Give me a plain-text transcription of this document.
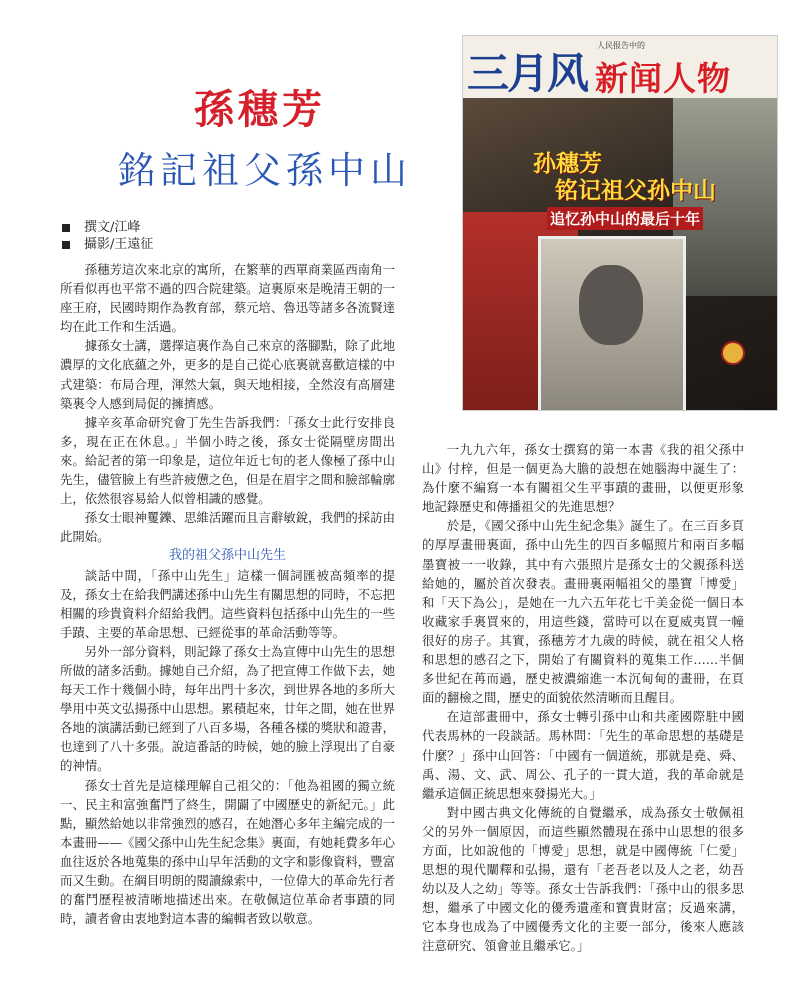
孫穗芳
銘記祖父孫中山
撰文/江峰
攝影/王遠征
三月风
人民报告中的
新闻人物
孙穗芳
铭记祖父孙中山
追忆孙中山的最后十年

孫穗芳這次來北京的寓所，在繁華的西單商業區西南角一所看似再也平常不過的四合院建築。這裏原來是晚清王朝的一座王府，民國時期作為教育部，蔡元培、魯迅等諸多各流賢達均在此工作和生活過。

據孫女士講，選擇這裏作為自己來京的落腳點，除了此地濃厚的文化底蘊之外，更多的是自己從心底裏就喜歡這樣的中式建築：布局合理，渾然大氣，與天地相接，全然沒有高層建築裏令人感到局促的擁擠感。

據辛亥革命研究會丁先生告訴我們：「孫女士此行安排良多，現在正在休息。」半個小時之後，孫女士從隔壁房間出來。給記者的第一印象是，這位年近七旬的老人像極了孫中山先生，儘管臉上有些許疲憊之色，但是在眉宇之間和臉部輪廓上，依然很容易給人似曾相識的感覺。

孫女士眼神矍鑠、思維活躍而且言辭敏銳，我們的採訪由此開始。

我的祖父孫中山先生

談話中間，「孫中山先生」這樣一個詞匯被高頻率的提及，孫女士在給我們講述孫中山先生有關思想的同時，不忘把相關的珍貴資料介紹給我們。這些資料包括孫中山先生的一些手蹟、主要的革命思想、已經從事的革命活動等等。

另外一部分資料，則記錄了孫女士為宣傳中山先生的思想所做的諸多活動。據她自己介紹，為了把宣傳工作做下去，她每天工作十幾個小時，每年出門十多次，到世界各地的多所大學用中英文弘揚孫中山思想。累積起來，廿年之間，她在世界各地的演講活動已經到了八百多場，各種各樣的獎狀和證書，也達到了八十多張。說這番話的時候，她的臉上浮現出了自豪的神情。

孫女士首先是這樣理解自己祖父的：「他為祖國的獨立統一、民主和富強奮鬥了終生，開闢了中國歷史的新紀元。」此點，顯然給她以非常強烈的感召，在她潛心多年主編完成的一本畫冊——《國父孫中山先生紀念集》裏面，有她耗費多年心血往返於各地蒐集的孫中山早年活動的文字和影像資料，豐富而又生動。在綱目明朗的閱讀線索中，一位偉大的革命先行者的奮鬥歷程被清晰地描述出來。在敬佩這位革命者事蹟的同時，讀者會由衷地對這本書的編輯者致以敬意。

一九九六年，孫女士撰寫的第一本書《我的祖父孫中山》付梓，但是一個更為大膽的設想在她腦海中誕生了：為什麼不編寫一本有關祖父生平事蹟的畫冊，以便更形象地記錄歷史和傳播祖父的先進思想？

於是，《國父孫中山先生紀念集》誕生了。在三百多頁的厚厚畫冊裏面，孫中山先生的四百多幅照片和兩百多幅墨寶被一一收錄，其中有六張照片是孫女士的父親孫科送給她的，屬於首次發表。畫冊裏兩幅祖父的墨寶「博愛」和「天下為公」，是她在一九六五年花七千美金從一個日本收藏家手裏買來的，用這些錢，當時可以在夏威夷買一幢很好的房子。其實，孫穗芳才九歲的時候，就在祖父人格和思想的感召之下，開始了有關資料的蒐集工作……半個多世紀在苒而過，歷史被濃縮進一本沉甸甸的畫冊，在頁面的翻檢之間，歷史的面貌依然清晰而且醒目。

在這部畫冊中，孫女士轉引孫中山和共產國際駐中國代表馬林的一段談話。馬林問：「先生的革命思想的基礎是什麼？」孫中山回答：「中國有一個道統，那就是堯、舜、禹、湯、文、武、周公、孔子的一貫大道，我的革命就是繼承這個正統思想來發揚光大。」

對中國古典文化傳統的自覺繼承，成為孫女士敬佩祖父的另外一個原因，而這些顯然體現在孫中山思想的很多方面，比如說他的「博愛」思想，就是中國傳統「仁愛」思想的現代闡釋和弘揚，還有「老吾老以及人之老，幼吾幼以及人之幼」等等。孫女士告訴我們：「孫中山的很多思想，繼承了中國文化的優秀遺產和寶貴財富；反過來講，它本身也成為了中國優秀文化的主要一部分，後來人應該注意研究、領會並且繼承它。」
